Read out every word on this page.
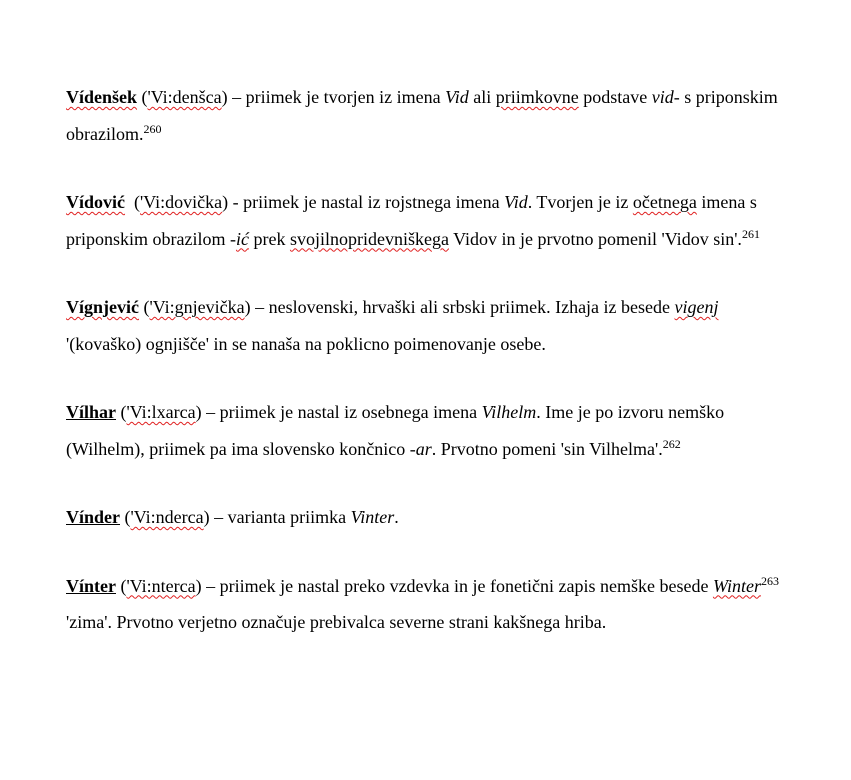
Vídenšek ('Vi:denšca) – priimek je tvorjen iz imena Vid ali priimkovne podstave vid- s priponskim obrazilom.$^{260}$

Vídović  ('Vi:dovička) - priimek je nastal iz rojstnega imena Vid. Tvorjen je iz očetnega imena s priponskim obrazilom -ić prek svojilnopridevniškega Vidov in je prvotno pomenil 'Vidov sin'.$^{261}$

Vígnjević ('Vi:gnjevička) – neslovenski, hrvaški ali srbski priimek. Izhaja iz besede vigenj '(kovaško) ognjišče' in se nanaša na poklicno poimenovanje osebe.

Vílhar ('Vi:lxarca) – priimek je nastal iz osebnega imena Vilhelm. Ime je po izvoru nemško (Wilhelm), priimek pa ima slovensko končnico -ar. Prvotno pomeni 'sin Vilhelma'.$^{262}$

Vínder ('Vi:nderca) – varianta priimka Vinter.

Vínter ('Vi:nterca) – priimek je nastal preko vzdevka in je fonetični zapis nemške besede Winter$^{263}$ 'zima'. Prvotno verjetno označuje prebivalca severne strani kakšnega hriba.
